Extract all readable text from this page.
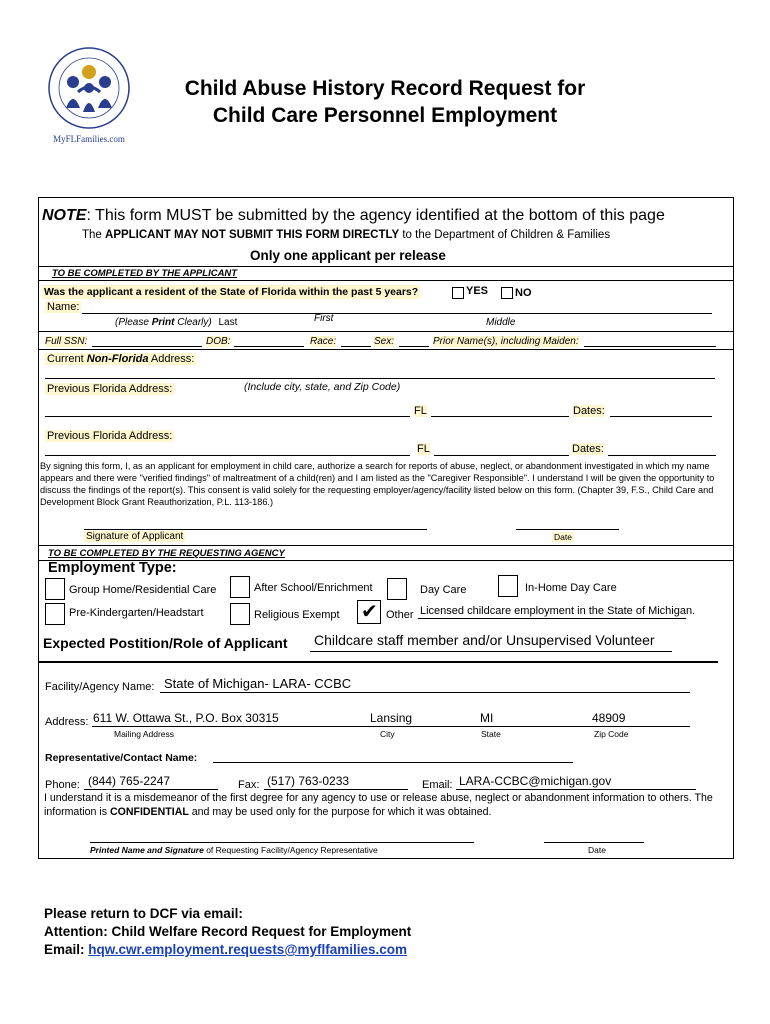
MyFLFamilies.com
Child Abuse History Record Request for
Child Care Personnel Employment
NOTE: This form MUST be submitted by the agency identified at the bottom of this page
The APPLICANT MAY NOT SUBMIT THIS FORM DIRECTLY to the Department of Children & Families
Only one applicant per release
TO BE COMPLETED BY THE APPLICANT
Was the applicant a resident of the State of Florida within the past 5 years?	YES NO
Name:
(Please Print Clearly) Last	First	Middle
Full SSN:	DOB:	Race:	Sex:	Prior Name(s), including Maiden:
Current Non-Florida Address:
(Include city, state, and Zip Code)
Previous Florida Address:
FL	Dates:
Previous Florida Address:
FL	Dates:
By signing this form, I, as an applicant for employment in child care, authorize a search for reports of abuse, neglect, or abandonment investigated in which my name appears and there were "verified findings" of maltreatment of a child(ren) and I am listed as the "Caregiver Responsible". I understand I will be given the opportunity to discuss the findings of the report(s). This consent is valid solely for the requesting employer/agency/facility listed below on this form. (Chapter 39, F.S., Child Care and Development Block Grant Reauthorization, P.L. 113-186.)
Signature of Applicant	Date
TO BE COMPLETED BY THE REQUESTING AGENCY
Employment Type:
Group Home/Residential Care	After School/Enrichment	Day Care	In-Home Day Care
Pre-Kindergarten/Headstart	Religious Exempt ✔ Other Licensed childcare employment in the State of Michigan.
Expected Postition/Role of Applicant Childcare staff member and/or Unsupervised Volunteer
Facility/Agency Name: State of Michigan- LARA- CCBC
Address: 611 W. Ottawa St., P.O. Box 30315	Lansing	MI	48909
Mailing Address	City	State	Zip Code
Representative/Contact Name:
Phone: (844) 765-2247	Fax: (517) 763-0233	Email: LARA-CCBC@michigan.gov
I understand it is a misdemeanor of the first degree for any agency to use or release abuse, neglect or abandonment information to others. The information is CONFIDENTIAL and may be used only for the purpose for which it was obtained.
Printed Name and Signature of Requesting Facility/Agency Representative	Date
Please return to DCF via email:
Attention: Child Welfare Record Request for Employment
Email: hqw.cwr.employment.requests@myflfamilies.com
